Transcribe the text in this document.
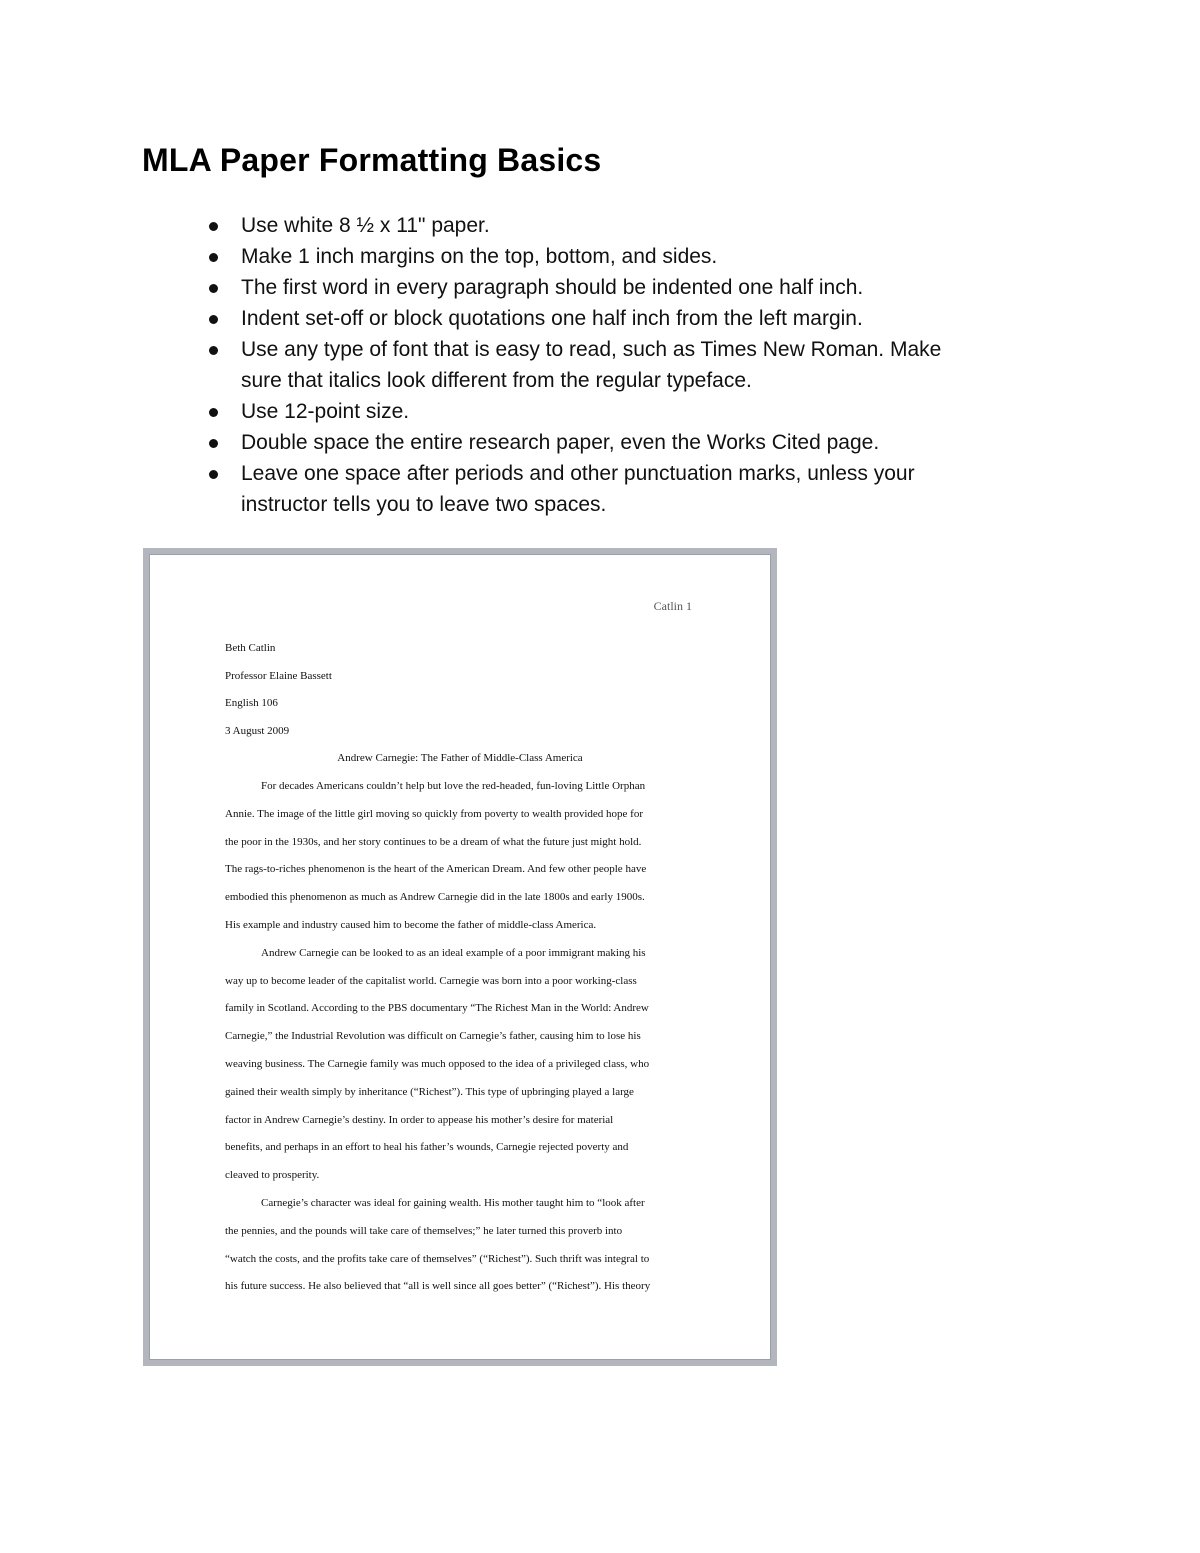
MLA Paper Formatting Basics
Use white 8 ½ x 11" paper.
Make 1 inch margins on the top, bottom, and sides.
The first word in every paragraph should be indented one half inch.
Indent set-off or block quotations one half inch from the left margin.
Use any type of font that is easy to read, such as Times New Roman. Make
sure that italics look different from the regular typeface.
Use 12-point size.
Double space the entire research paper, even the Works Cited page.
Leave one space after periods and other punctuation marks, unless your
instructor tells you to leave two spaces.
Catlin 1
Beth Catlin
Professor Elaine Bassett
English 106
3 August 2009
Andrew Carnegie: The Father of Middle-Class America
For decades Americans couldn’t help but love the red-headed, fun-loving Little Orphan
Annie. The image of the little girl moving so quickly from poverty to wealth provided hope for
the poor in the 1930s, and her story continues to be a dream of what the future just might hold.
The rags-to-riches phenomenon is the heart of the American Dream. And few other people have
embodied this phenomenon as much as Andrew Carnegie did in the late 1800s and early 1900s.
His example and industry caused him to become the father of middle-class America.
Andrew Carnegie can be looked to as an ideal example of a poor immigrant making his
way up to become leader of the capitalist world. Carnegie was born into a poor working-class
family in Scotland. According to the PBS documentary “The Richest Man in the World: Andrew
Carnegie,” the Industrial Revolution was difficult on Carnegie’s father, causing him to lose his
weaving business. The Carnegie family was much opposed to the idea of a privileged class, who
gained their wealth simply by inheritance (“Richest”). This type of upbringing played a large
factor in Andrew Carnegie’s destiny. In order to appease his mother’s desire for material
benefits, and perhaps in an effort to heal his father’s wounds, Carnegie rejected poverty and
cleaved to prosperity.
Carnegie’s character was ideal for gaining wealth. His mother taught him to “look after
the pennies, and the pounds will take care of themselves;” he later turned this proverb into
“watch the costs, and the profits take care of themselves” (“Richest”). Such thrift was integral to
his future success. He also believed that “all is well since all goes better” (“Richest”). His theory
